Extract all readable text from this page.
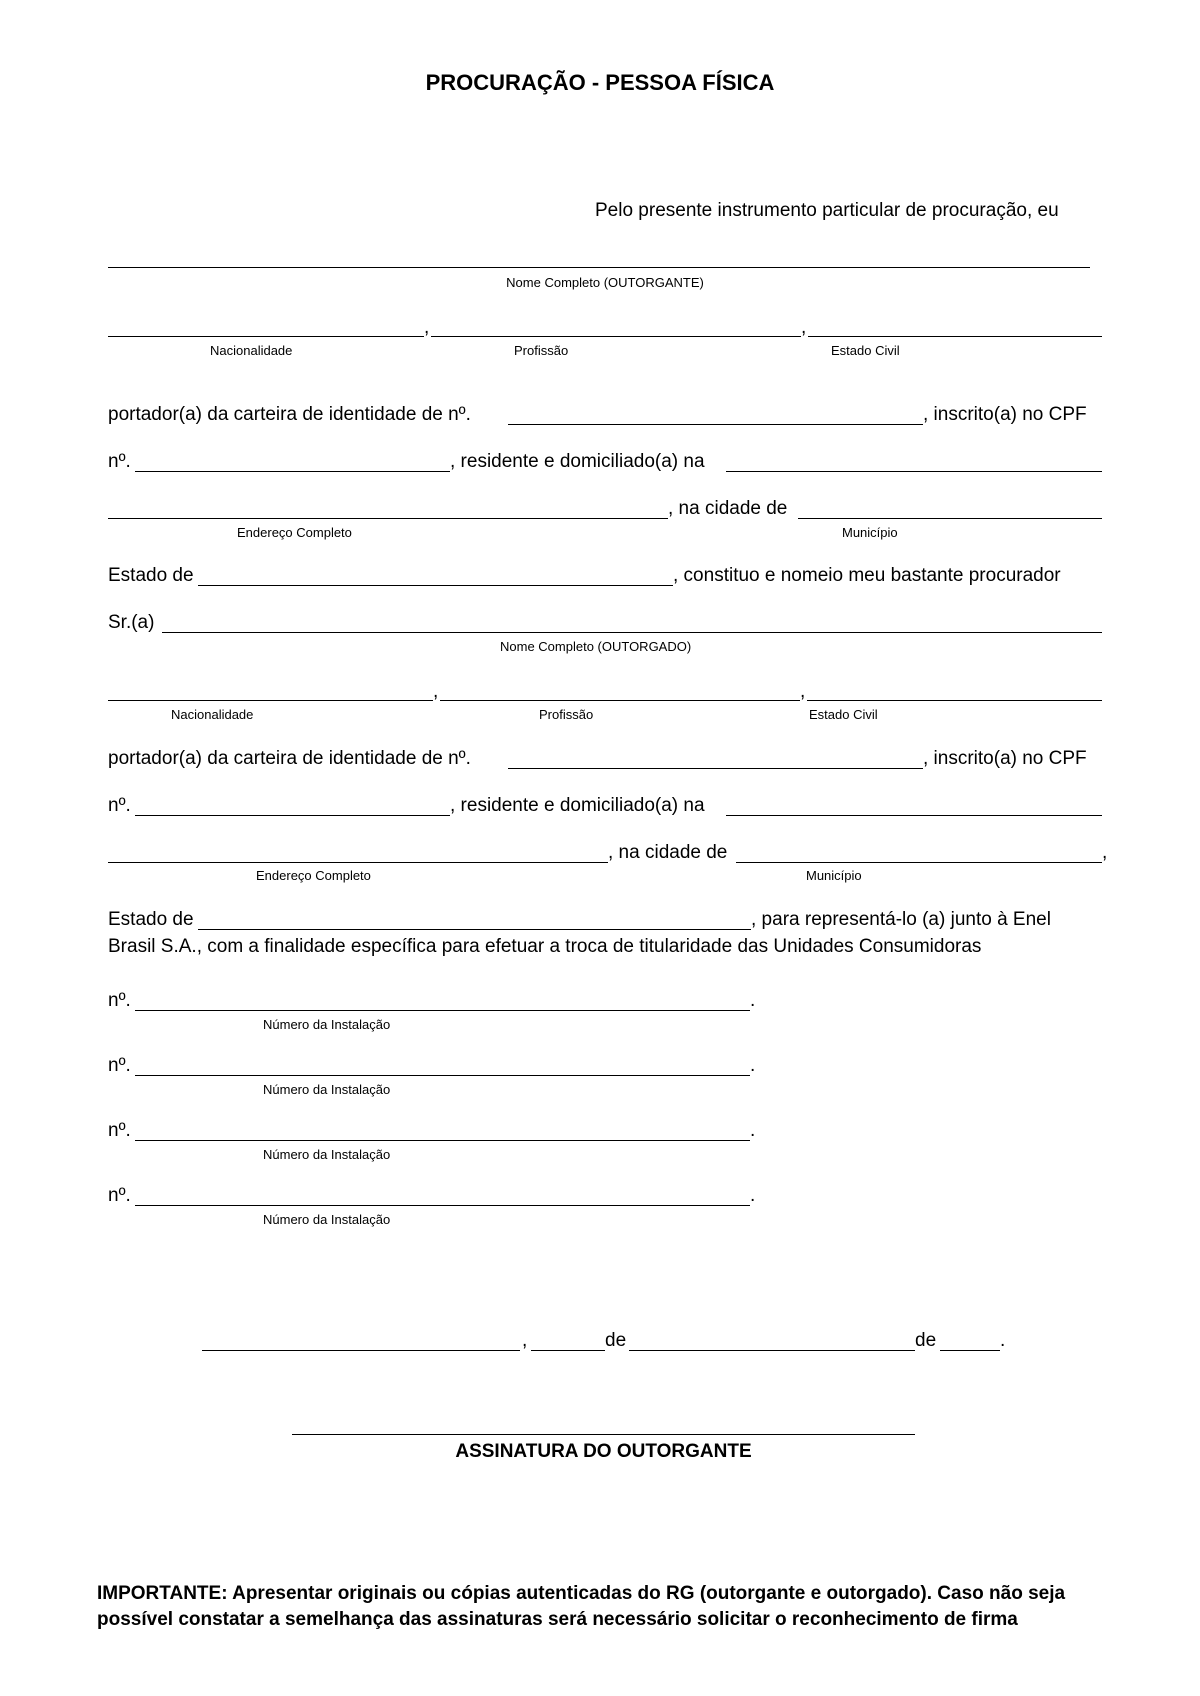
PROCURAÇÃO - PESSOA FÍSICA
Pelo presente instrumento particular de procuração, eu
Nome Completo (OUTORGANTE)
,	,
Nacionalidade	Profissão	Estado Civil
portador(a) da carteira de identidade de nº.	, inscrito(a) no CPF
nº.	, residente e domiciliado(a) na
, na cidade de
Endereço Completo	Município
Estado de	, constituo e nomeio meu bastante procurador
Sr.(a)
Nome Completo (OUTORGADO)
,	,
Nacionalidade	Profissão	Estado Civil
portador(a) da carteira de identidade de nº.	, inscrito(a) no CPF
nº.	, residente e domiciliado(a) na
, na cidade de	,
Endereço Completo	Município
Estado de	, para representá-lo (a) junto à Enel
Brasil S.A., com a finalidade específica para efetuar a troca de titularidade das Unidades Consumidoras
nº.	.
Número da Instalação
nº.	.
Número da Instalação
nº.	.
Número da Instalação
nº.	.
Número da Instalação
,	de	de	.
ASSINATURA DO OUTORGANTE
IMPORTANTE: Apresentar originais ou cópias autenticadas do RG (outorgante e outorgado). Caso não seja
possível constatar a semelhança das assinaturas será necessário solicitar o reconhecimento de firma
